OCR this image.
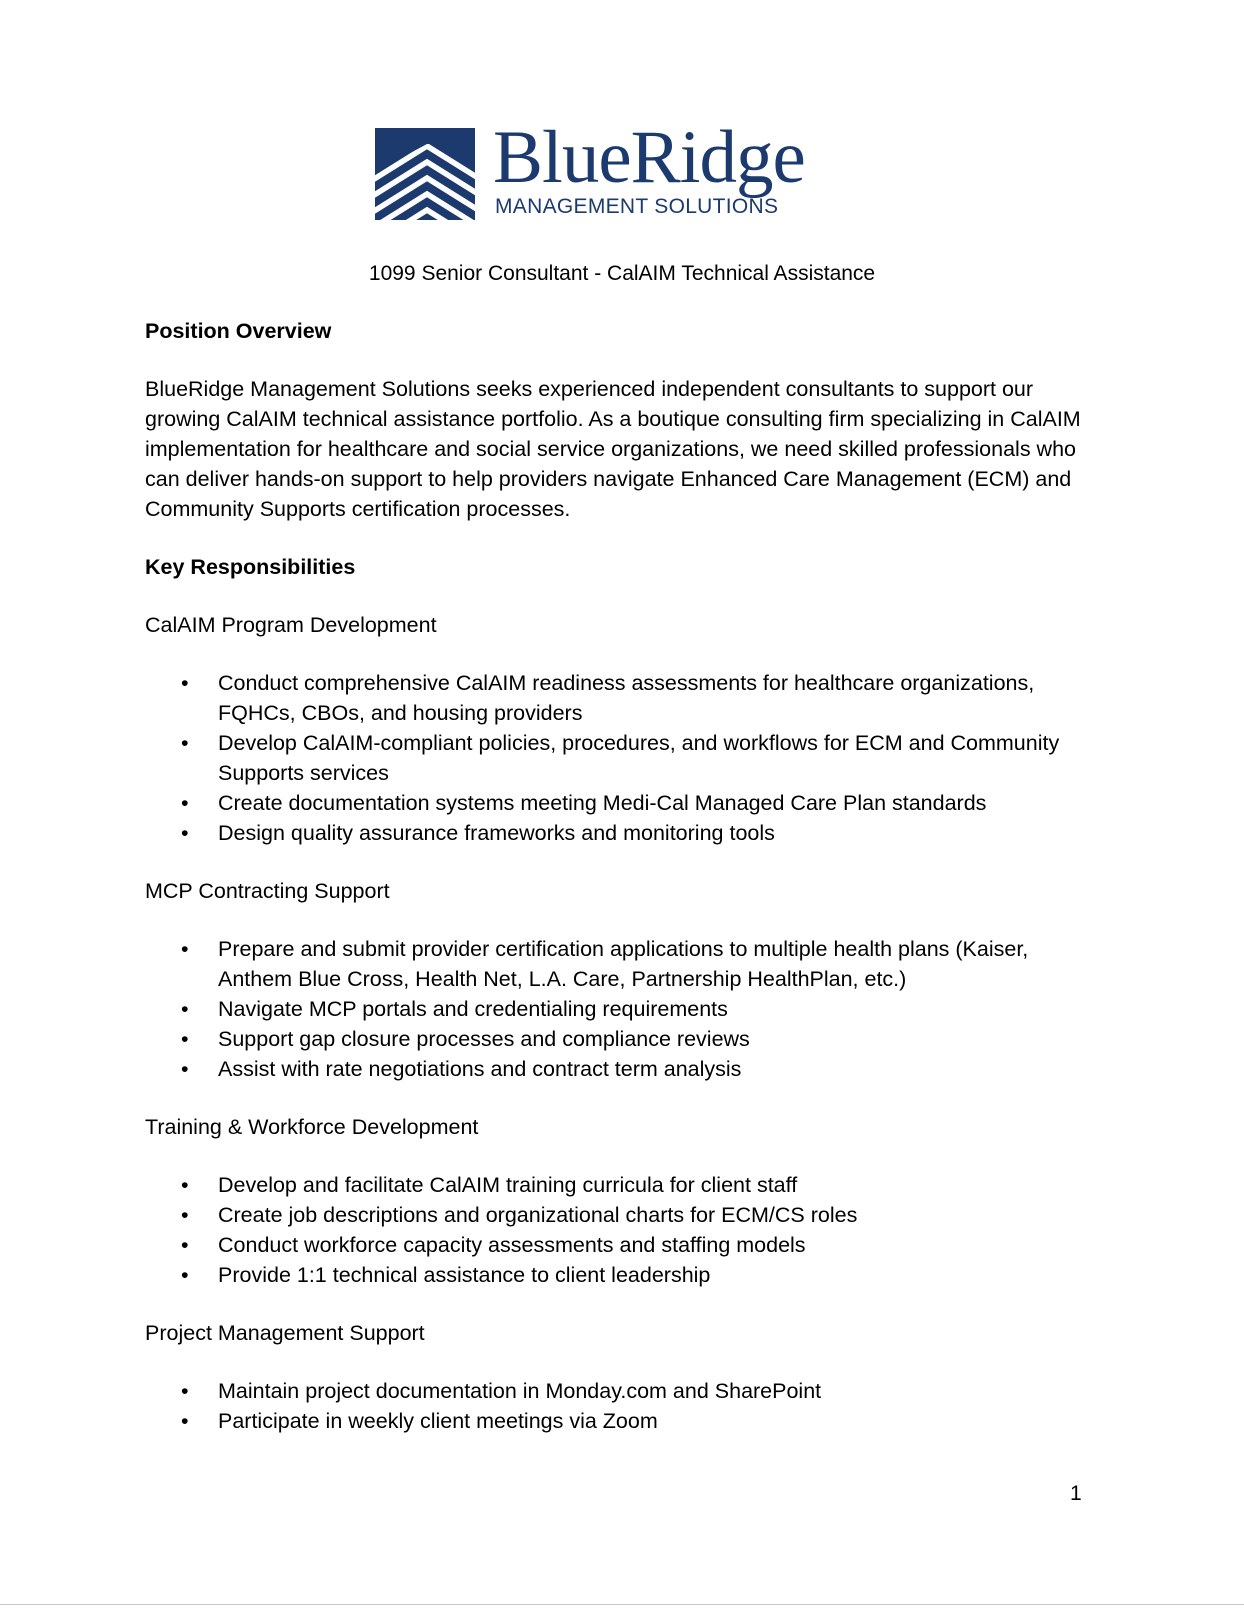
BlueRidge
MANAGEMENT SOLUTIONS
1099 Senior Consultant - CalAIM Technical Assistance
Position Overview

BlueRidge Management Solutions seeks experienced independent consultants to support our growing CalAIM technical assistance portfolio. As a boutique consulting firm specializing in CalAIM implementation for healthcare and social service organizations, we need skilled professionals who can deliver hands-on support to help providers navigate Enhanced Care Management (ECM) and Community Supports certification processes.

Key Responsibilities
CalAIM Program Development
• Conduct comprehensive CalAIM readiness assessments for healthcare organizations, FQHCs, CBOs, and housing providers
• Develop CalAIM-compliant policies, procedures, and workflows for ECM and Community Supports services
• Create documentation systems meeting Medi-Cal Managed Care Plan standards
• Design quality assurance frameworks and monitoring tools
MCP Contracting Support
• Prepare and submit provider certification applications to multiple health plans (Kaiser, Anthem Blue Cross, Health Net, L.A. Care, Partnership HealthPlan, etc.)
• Navigate MCP portals and credentialing requirements
• Support gap closure processes and compliance reviews
• Assist with rate negotiations and contract term analysis
Training & Workforce Development
• Develop and facilitate CalAIM training curricula for client staff
• Create job descriptions and organizational charts for ECM/CS roles
• Conduct workforce capacity assessments and staffing models
• Provide 1:1 technical assistance to client leadership
Project Management Support
• Maintain project documentation in Monday.com and SharePoint
• Participate in weekly client meetings via Zoom
1
